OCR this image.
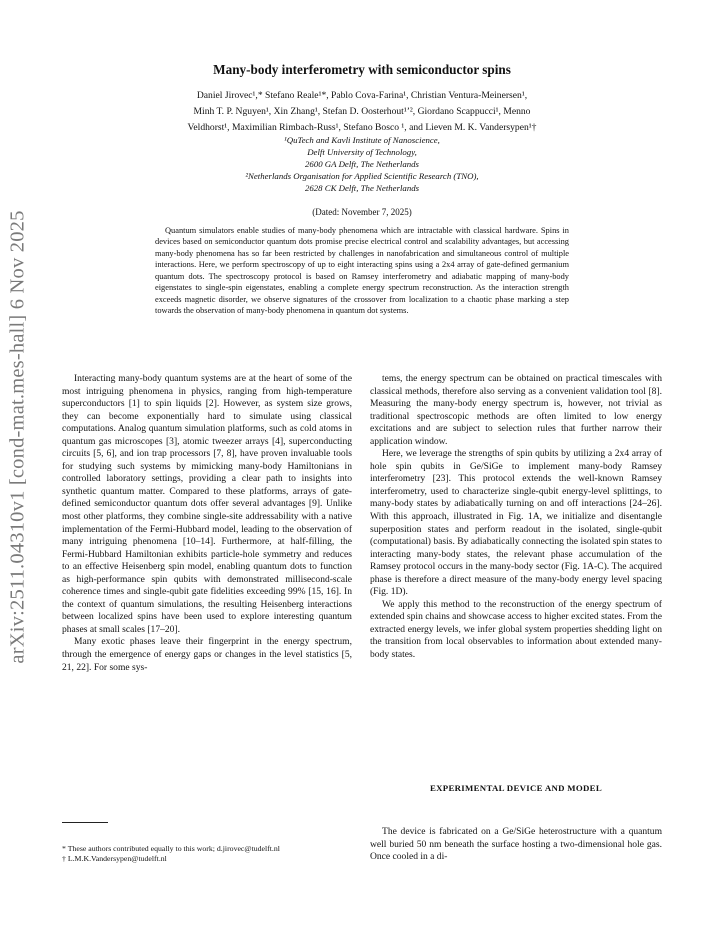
arXiv:2511.04310v1 [cond-mat.mes-hall] 6 Nov 2025
Many-body interferometry with semiconductor spins
Daniel Jirovec¹,* Stefano Reale¹*, Pablo Cova-Farina¹, Christian Ventura-Meinersen¹,
Minh T. P. Nguyen¹, Xin Zhang¹, Stefan D. Oosterhout¹ʼ², Giordano Scappucci¹, Menno
Veldhorst¹, Maximilian Rimbach-Russ¹, Stefano Bosco ¹, and Lieven M. K. Vandersypen¹†
¹QuTech and Kavli Institute of Nanoscience,
Delft University of Technology,
2600 GA Delft, The Netherlands
²Netherlands Organisation for Applied Scientific Research (TNO),
2628 CK Delft, The Netherlands
(Dated: November 7, 2025)
Quantum simulators enable studies of many-body phenomena which are intractable with classical hardware. Spins in devices based on semiconductor quantum dots promise precise electrical control and scalability advantages, but accessing many-body phenomena has so far been restricted by challenges in nanofabrication and simultaneous control of multiple interactions. Here, we perform spectroscopy of up to eight interacting spins using a 2x4 array of gate-defined germanium quantum dots. The spectroscopy protocol is based on Ramsey interferometry and adiabatic mapping of many-body eigenstates to single-spin eigenstates, enabling a complete energy spectrum reconstruction. As the interaction strength exceeds magnetic disorder, we observe signatures of the crossover from localization to a chaotic phase marking a step towards the observation of many-body phenomena in quantum dot systems.

Interacting many-body quantum systems are at the heart of some of the most intriguing phenomena in physics, ranging from high-temperature superconductors [1] to spin liquids [2]. However, as system size grows, they can become exponentially hard to simulate using classical computations. Analog quantum simulation platforms, such as cold atoms in quantum gas microscopes [3], atomic tweezer arrays [4], superconducting circuits [5, 6], and ion trap processors [7, 8], have proven invaluable tools for studying such systems by mimicking many-body Hamiltonians in controlled laboratory settings, providing a clear path to insights into synthetic quantum matter. Compared to these platforms, arrays of gate-defined semiconductor quantum dots offer several advantages [9]. Unlike most other platforms, they combine single-site addressability with a native implementation of the Fermi-Hubbard model, leading to the observation of many intriguing phenomena [10–14]. Furthermore, at half-filling, the Fermi-Hubbard Hamiltonian exhibits particle-hole symmetry and reduces to an effective Heisenberg spin model, enabling quantum dots to function as high-performance spin qubits with demonstrated millisecond-scale coherence times and single-qubit gate fidelities exceeding 99% [15, 16]. In the context of quantum simulations, the resulting Heisenberg interactions between localized spins have been used to explore interesting quantum phases at small scales [17–20].

Many exotic phases leave their fingerprint in the energy spectrum, through the emergence of energy gaps or changes in the level statistics [5, 21, 22]. For some sys-

tems, the energy spectrum can be obtained on practical timescales with classical methods, therefore also serving as a convenient validation tool [8]. Measuring the many-body energy spectrum is, however, not trivial as traditional spectroscopic methods are often limited to low energy excitations and are subject to selection rules that further narrow their application window.

Here, we leverage the strengths of spin qubits by utilizing a 2x4 array of hole spin qubits in Ge/SiGe to implement many-body Ramsey interferometry [23]. This protocol extends the well-known Ramsey interferometry, used to characterize single-qubit energy-level splittings, to many-body states by adiabatically turning on and off interactions [24–26]. With this approach, illustrated in Fig. 1A, we initialize and disentangle superposition states and perform readout in the isolated, single-qubit (computational) basis. By adiabatically connecting the isolated spin states to interacting many-body states, the relevant phase accumulation of the Ramsey protocol occurs in the many-body sector (Fig. 1A-C). The acquired phase is therefore a direct measure of the many-body energy level spacing (Fig. 1D).

We apply this method to the reconstruction of the energy spectrum of extended spin chains and showcase access to higher excited states. From the extracted energy levels, we infer global system properties shedding light on the transition from local observables to information about extended many-body states.

EXPERIMENTAL DEVICE AND MODEL

The device is fabricated on a Ge/SiGe heterostructure with a quantum well buried 50 nm beneath the surface hosting a two-dimensional hole gas. Once cooled in a di-

* These authors contributed equally to this work; d.jirovec@tudelft.nl

† L.M.K.Vandersypen@tudelft.nl
